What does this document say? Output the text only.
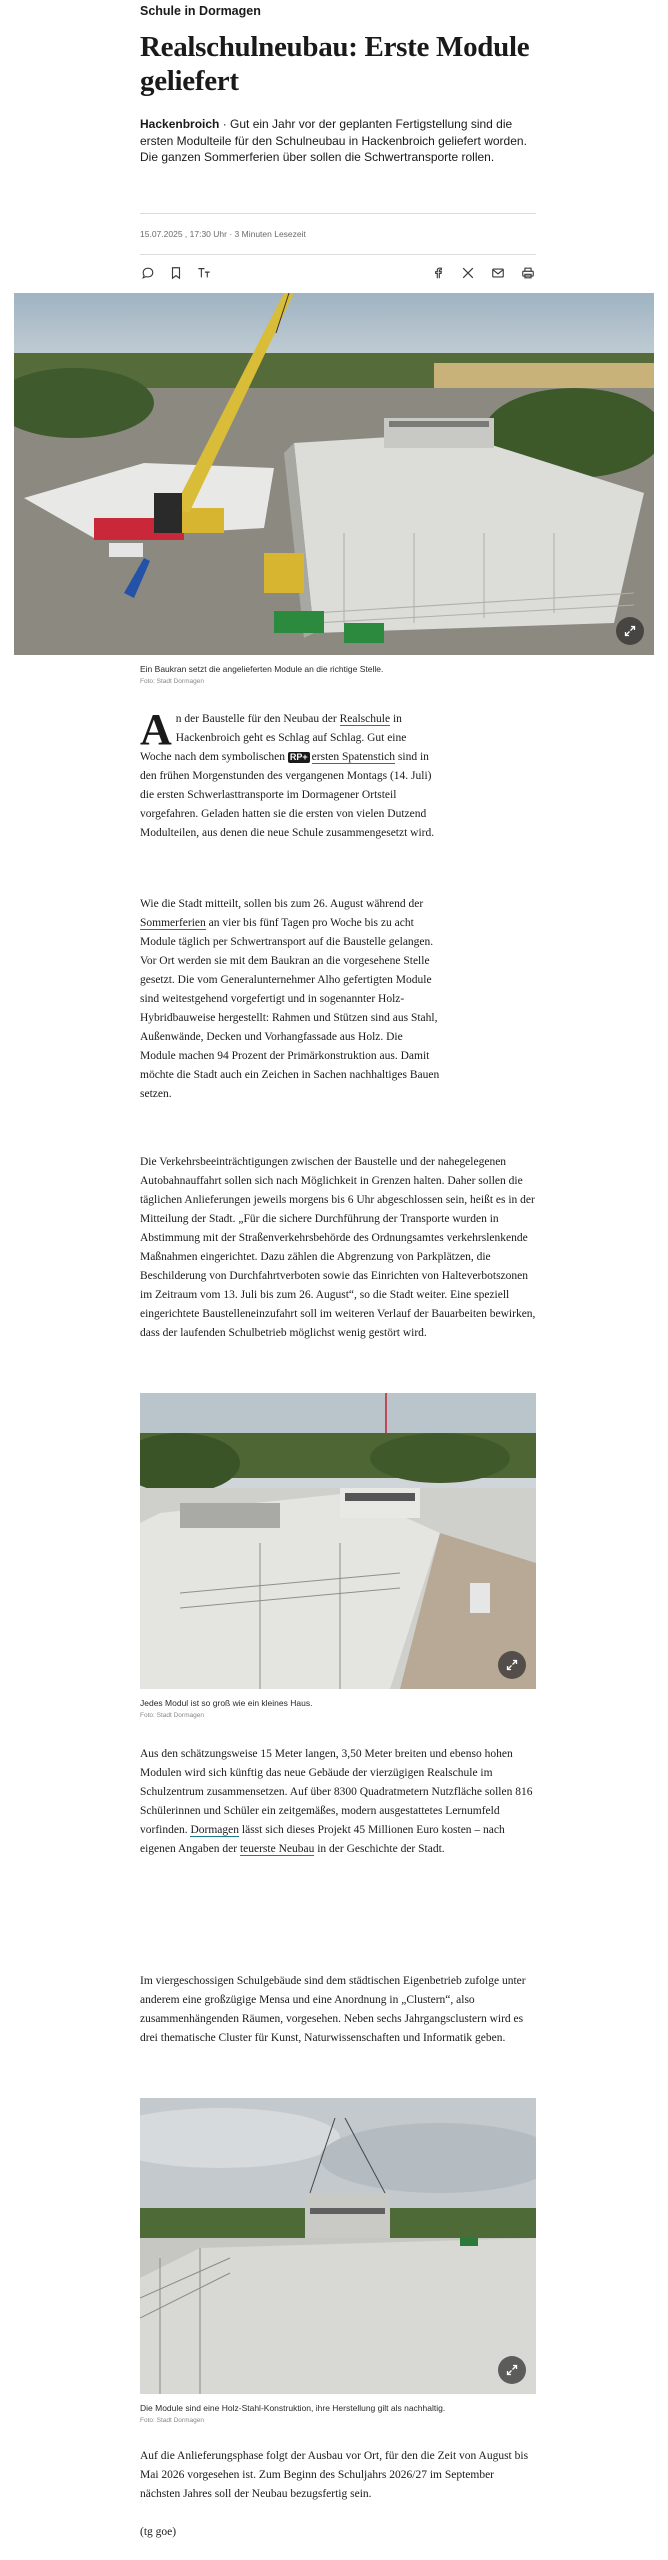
Schule in Dormagen
Realschulneubau: Erste Module geliefert

Hackenbroich · Gut ein Jahr vor der geplanten Fertigstellung sind die ersten Modulteile für den Schulneubau in Hackenbroich geliefert worden. Die ganzen Sommerferien über sollen die Schwertransporte rollen.

15.07.2025 , 17:30 Uhr· 3 Minuten Lesezeit
Ein Baukran setzt die angelieferten Module an die richtige Stelle.
Foto: Stadt Dormagen

An der Baustelle für den Neubau der Realschule in Hackenbroich geht es Schlag auf Schlag. Gut eine Woche nach dem symbolischen RP+ ersten Spatenstich sind in den frühen Morgenstunden des vergangenen Montags (14. Juli) die ersten Schwerlasttransporte im Dormagener Ortsteil vorgefahren. Geladen hatten sie die ersten von vielen Dutzend Modulteilen, aus denen die neue Schule zusammengesetzt wird.

Wie die Stadt mitteilt, sollen bis zum 26. August während der Sommerferien an vier bis fünf Tagen pro Woche bis zu acht Module täglich per Schwertransport auf die Baustelle gelangen. Vor Ort werden sie mit dem Baukran an die vorgesehene Stelle gesetzt. Die vom Generalunternehmer Alho gefertigten Module sind weitestgehend vorgefertigt und in sogenannter Holz-Hybridbauweise hergestellt: Rahmen und Stützen sind aus Stahl, Außenwände, Decken und Vorhangfassade aus Holz. Die Module machen 94 Prozent der Primärkonstruktion aus. Damit möchte die Stadt auch ein Zeichen in Sachen nachhaltiges Bauen setzen.

Die Verkehrsbeeinträchtigungen zwischen der Baustelle und der nahegelegenen Autobahnauffahrt sollen sich nach Möglichkeit in Grenzen halten. Daher sollen die täglichen Anlieferungen jeweils morgens bis 6 Uhr abgeschlossen sein, heißt es in der Mitteilung der Stadt. „Für die sichere Durchführung der Transporte wurden in Abstimmung mit der Straßenverkehrsbehörde des Ordnungsamtes verkehrslenkende Maßnahmen eingerichtet. Dazu zählen die Abgrenzung von Parkplätzen, die Beschilderung von Durchfahrtverboten sowie das Einrichten von Halteverbotszonen im Zeitraum vom 13. Juli bis zum 26. August“, so die Stadt weiter. Eine speziell eingerichtete Baustelleneinzufahrt soll im weiteren Verlauf der Bauarbeiten bewirken, dass der laufenden Schulbetrieb möglichst wenig gestört wird.

Jedes Modul ist so groß wie ein kleines Haus.
Foto: Stadt Dormagen

Aus den schätzungsweise 15 Meter langen, 3,50 Meter breiten und ebenso hohen Modulen wird sich künftig das neue Gebäude der vierzügigen Realschule im Schulzentrum zusammensetzen. Auf über 8300 Quadratmetern Nutzfläche sollen 816 Schülerinnen und Schüler ein zeitgemäßes, modern ausgestattetes Lernumfeld vorfinden. Dormagen lässt sich dieses Projekt 45 Millionen Euro kosten – nach eigenen Angaben der teuerste Neubau in der Geschichte der Stadt.

Im viergeschossigen Schulgebäude sind dem städtischen Eigenbetrieb zufolge unter anderem eine großzügige Mensa und eine Anordnung in „Clustern“, also zusammenhängenden Räumen, vorgesehen. Neben sechs Jahrgangsclustern wird es drei thematische Cluster für Kunst, Naturwissenschaften und Informatik geben.

Die Module sind eine Holz-Stahl-Konstruktion, ihre Herstellung gilt als nachhaltig.
Foto: Stadt Dormagen

Auf die Anlieferungsphase folgt der Ausbau vor Ort, für den die Zeit von August bis Mai 2026 vorgesehen ist. Zum Beginn des Schuljahrs 2026/27 im September nächsten Jahres soll der Neubau bezugsfertig sein.

(tg goe)
